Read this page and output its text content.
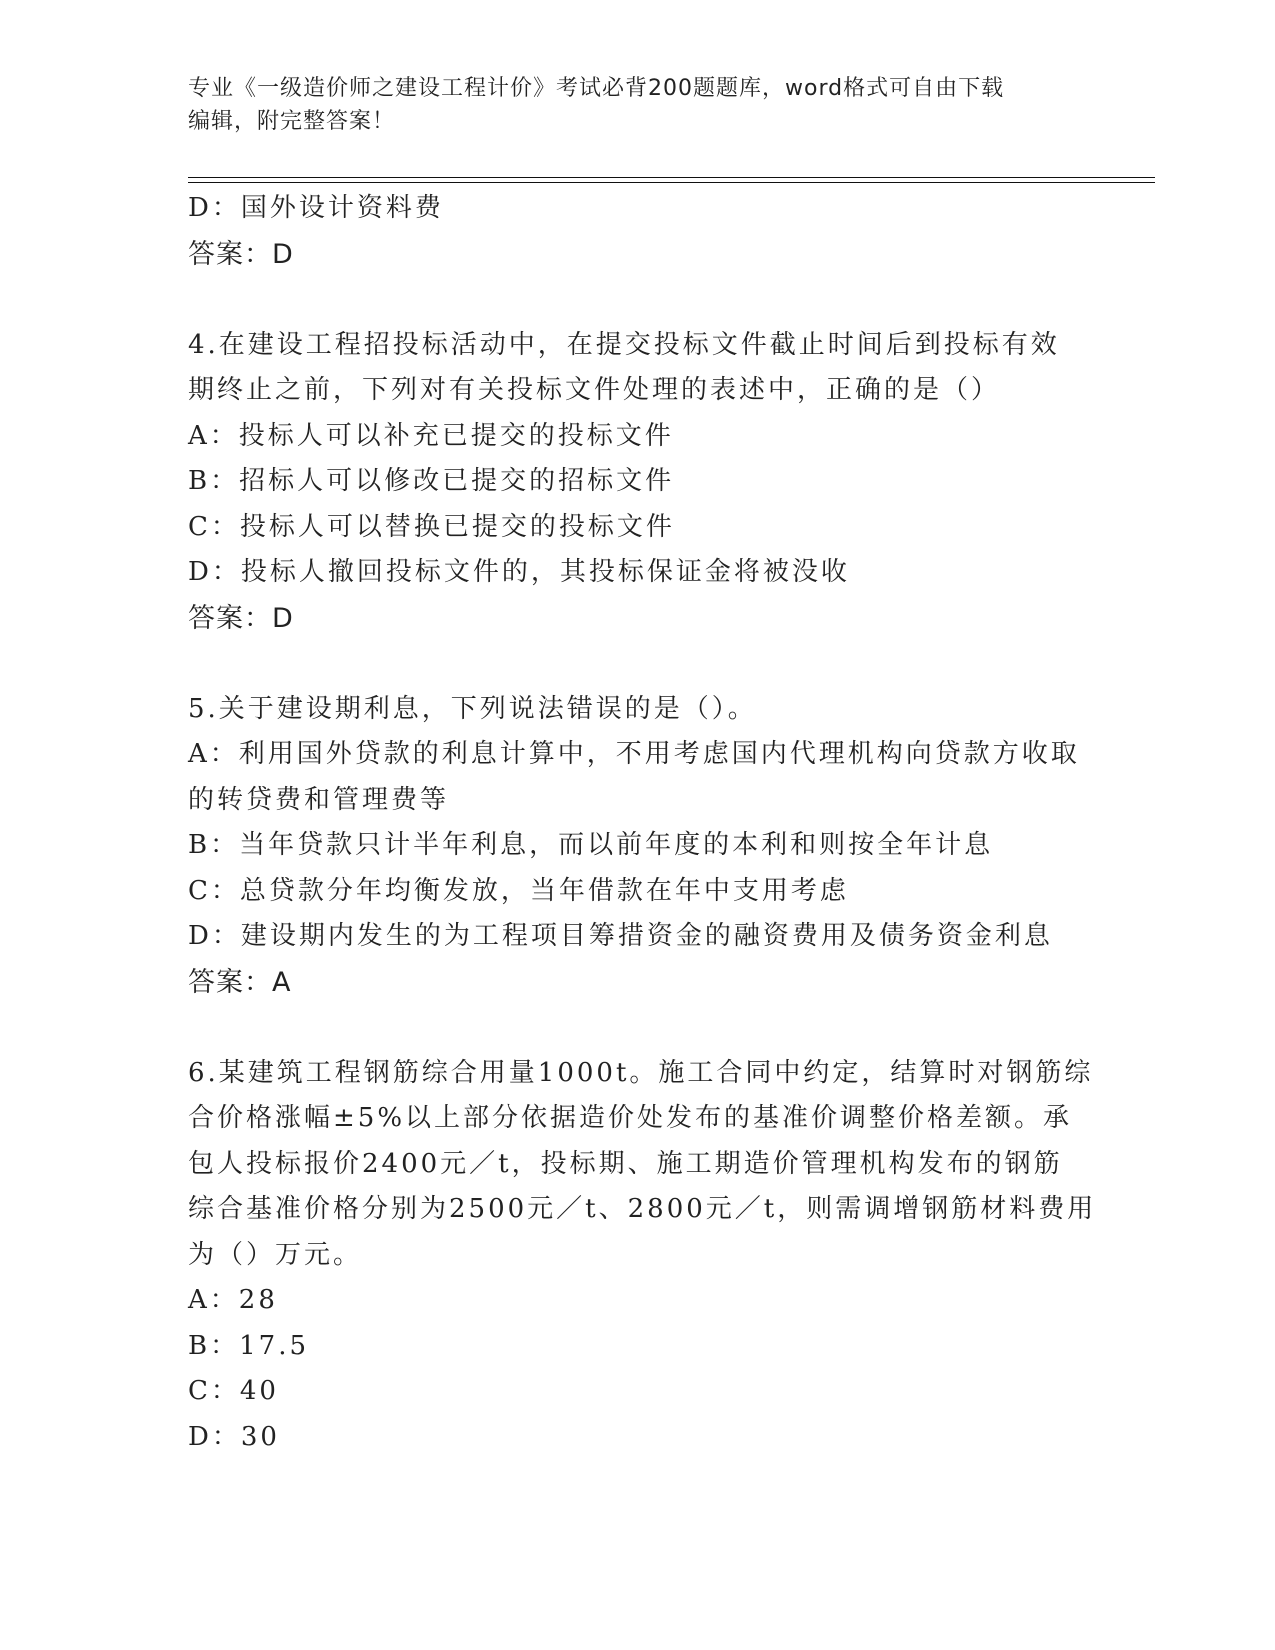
专业《一级造价师之建设工程计价》考试必背200题题库，word格式可自由下载
编辑，附完整答案！
D：国外设计资料费
答案：D
4.在建设工程招投标活动中，在提交投标文件截止时间后到投标有效
期终止之前，下列对有关投标文件处理的表述中，正确的是（）
A：投标人可以补充已提交的投标文件
B：招标人可以修改已提交的招标文件
C：投标人可以替换已提交的投标文件
D：投标人撤回投标文件的，其投标保证金将被没收
答案：D
5.关于建设期利息，下列说法错误的是（）。
A：利用国外贷款的利息计算中，不用考虑国内代理机构向贷款方收取
的转贷费和管理费等
B：当年贷款只计半年利息，而以前年度的本利和则按全年计息
C：总贷款分年均衡发放，当年借款在年中支用考虑
D：建设期内发生的为工程项目筹措资金的融资费用及债务资金利息
答案：A
6.某建筑工程钢筋综合用量1000t。施工合同中约定，结算时对钢筋综
合价格涨幅±5%以上部分依据造价处发布的基准价调整价格差额。承
包人投标报价2400元／t，投标期、施工期造价管理机构发布的钢筋
综合基准价格分别为2500元／t、2800元／t，则需调增钢筋材料费用
为（）万元。
A：28
B：17.5
C：40
D：30
